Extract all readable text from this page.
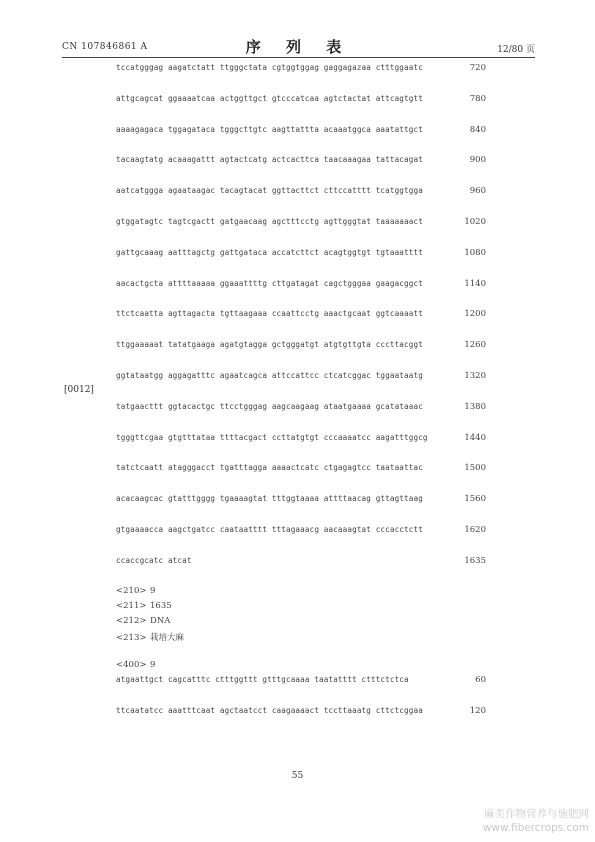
CN 107846861 A	序 列 表	12/80 页
tccatgggag aagatctatt ttgggctata cgtggtggag gaggagazaa ctttggaatc	720
attgcagcat ggaaaatcaa actggttgct gtcccatcaa agtctactat attcagtgtt	780
aaaagagaca tggagataca tgggcttgtc aagttattta acaaatggca aaatattgct	840
tacaagtatg acaaagattt agtactcatg actcacttca taacaaagaa tattacagat	900
aatcatggga agaataagac tacagtacat ggttacttct cttccatttt tcatggtgga	960
gtggatagtc tagtcgactt gatgaacaag agctttcctg agttgggtat taaaaaaact	1020
gattgcaaag aatttagctg gattgataca accatcttct acagtggtgt tgtaaatttt	1080
aacactgcta attttaaaaa ggaaattttg cttgatagat cagctgggaa gaagacggct	1140
ttctcaatta agttagacta tgttaagaaa ccaattcctg aaactgcaat ggtcaaaatt	1200
ttggaaaaat tatatgaaga agatgtagga gctgggatgt atgtgttgta cccttacggt	1260
ggtataatgg aggagatttc agaatcagca attccattcc ctcatcggac tggaataatg	1320
tatgaacttt ggtacactgc ttcctgggag aagcaagaag ataatgaaaa gcatataaac	1380
tgggttcgaa gtgtttataa ttttacgact ccttatgtgt cccaaaatcc aagatttggcg	1440
tatctcaatt atagggacct tgatttagga aaaactcatc ctgagagtcc taataattac	1500
acacaagcac gtatttgggg tgaaaagtat tttggtaaaa attttaacag gttagttaag	1560
gtgaaaacca aagctgatcc caataatttt tttagaaacg aacaaagtat cccacctctt	1620
ccaccgcatc atcat	1635
[0012]
<210> 9
<211> 1635
<212> DNA
<213> 栽培大麻
<400> 9
atgaattgct cagcatttc ctttggttt gtttgcaaaa taatatttt ctttctctca	60
ttcaatatcc aaatttcaat agctaatcct caagaaaact tccttaaatg cttctcggaa	120
55
麻类作物营养与施肥网
www.fibercrops.com
